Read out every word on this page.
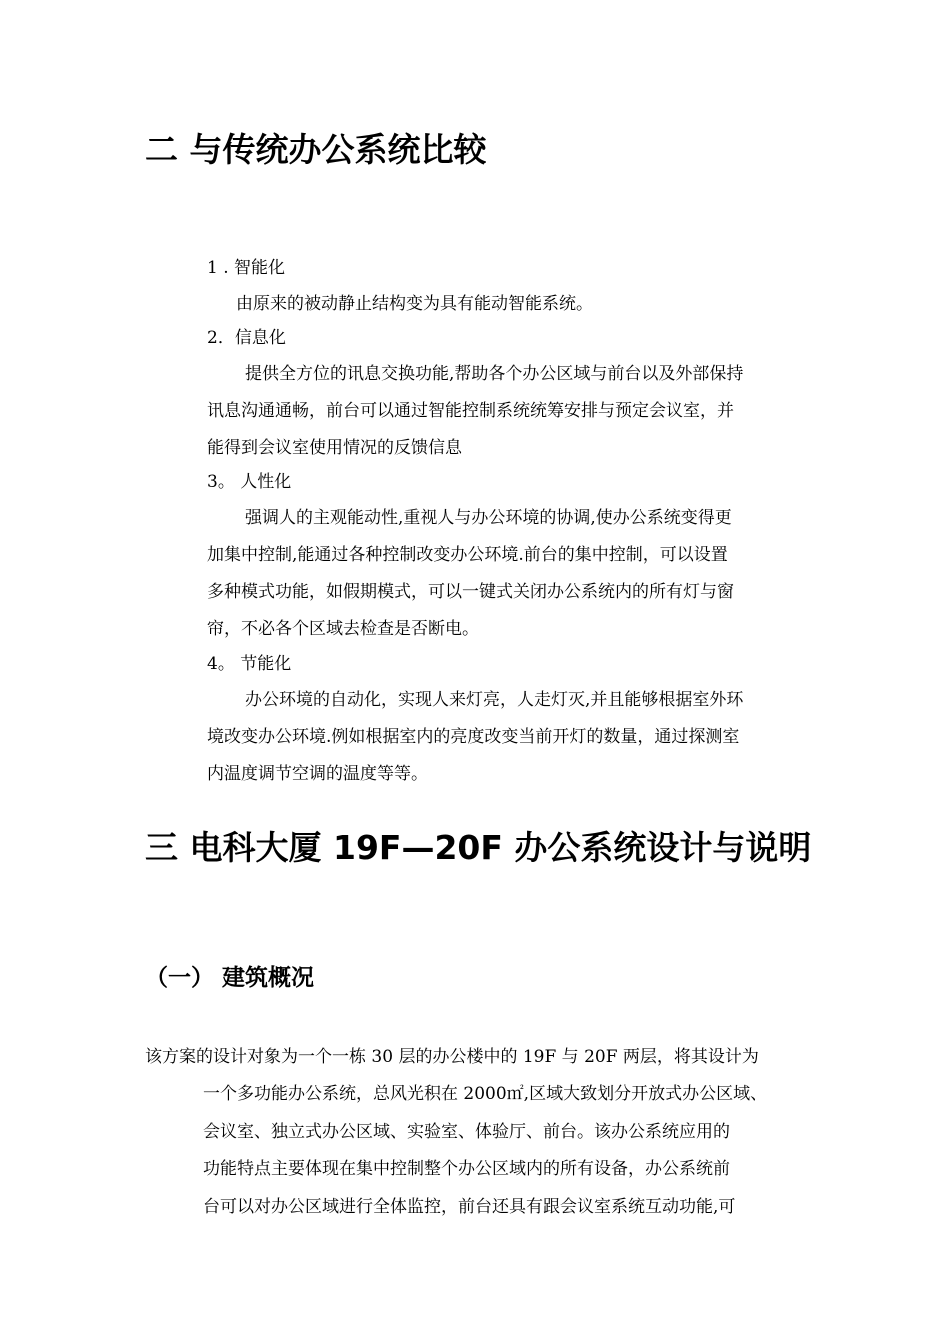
二 与传统办公系统比较
1 . 智能化
由原来的被动静止结构变为具有能动智能系统。
2．信息化
提供全方位的讯息交换功能,帮助各个办公区域与前台以及外部保持
讯息沟通通畅，前台可以通过智能控制系统统筹安排与预定会议室，并
能得到会议室使用情况的反馈信息
3。 人性化
强调人的主观能动性,重视人与办公环境的协调,使办公系统变得更
加集中控制,能通过各种控制改变办公环境.前台的集中控制，可以设置
多种模式功能，如假期模式，可以一键式关闭办公系统内的所有灯与窗
帘，不必各个区域去检查是否断电。
4。 节能化
办公环境的自动化，实现人来灯亮，人走灯灭,并且能够根据室外环
境改变办公环境.例如根据室内的亮度改变当前开灯的数量，通过探测室
内温度调节空调的温度等等。
三 电科大厦 19F—20F 办公系统设计与说明
（一） 建筑概况
该方案的设计对象为一个一栋 30 层的办公楼中的 19F 与 20F 两层，将其设计为
一个多功能办公系统，总风光积在 2000㎡,区域大致划分开放式办公区域、
会议室、独立式办公区域、实验室、体验厅、前台。该办公系统应用的
功能特点主要体现在集中控制整个办公区域内的所有设备，办公系统前
台可以对办公区域进行全体监控，前台还具有跟会议室系统互动功能,可
